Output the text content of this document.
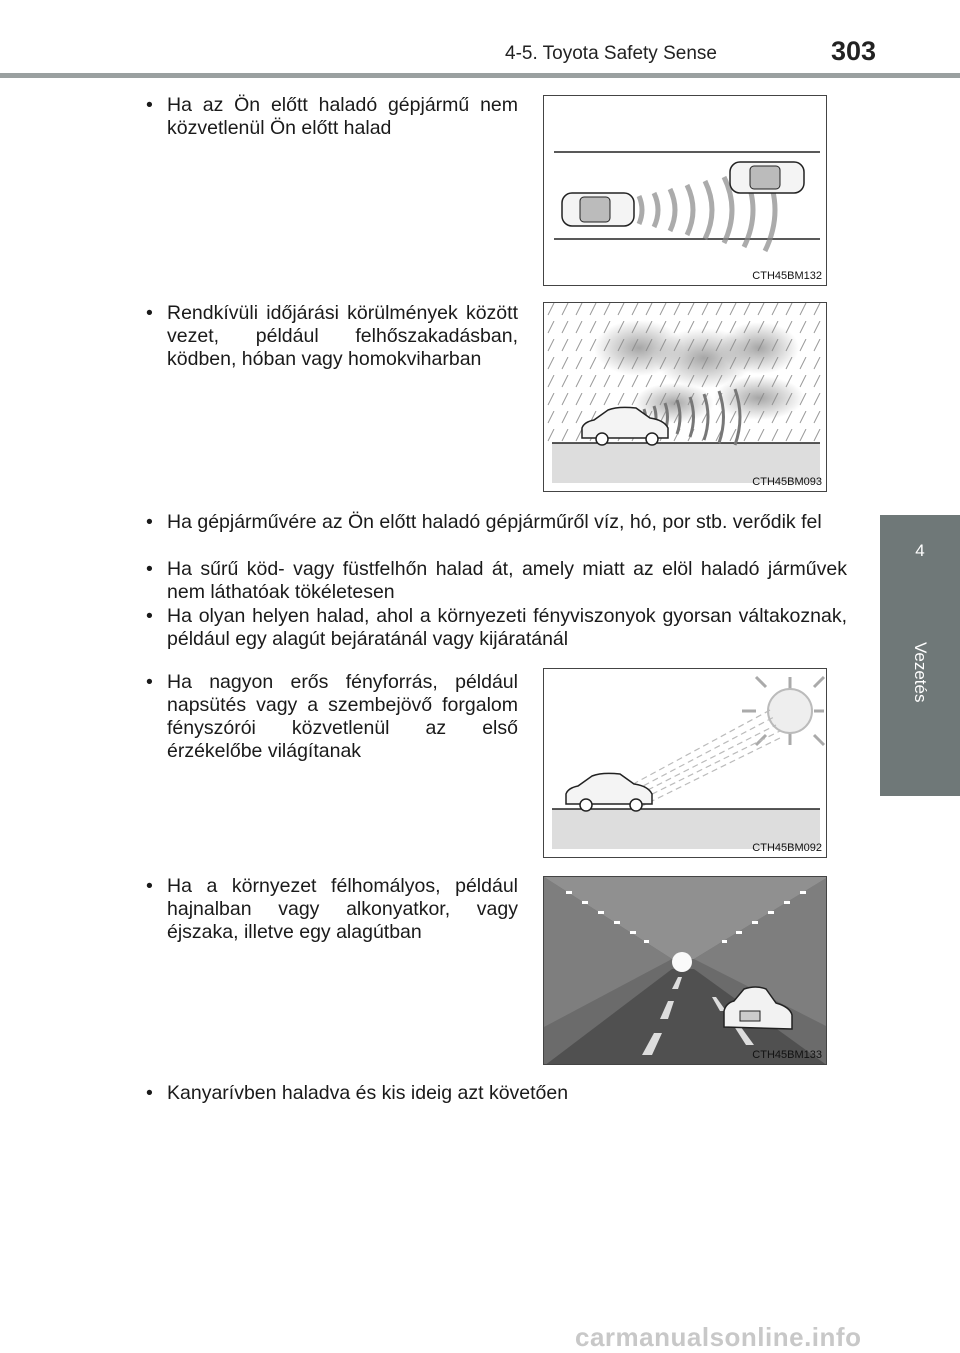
4-5. Toyota Safety Sense	303
4
Vezetés
• Ha az Ön előtt haladó gépjármű nem közvetlenül Ön előtt halad
• Rendkívüli időjárási körülmények között vezet, például felhőszakadásban, ködben, hóban vagy homokviharban
• Ha gépjárművére az Ön előtt haladó gépjárműről víz, hó, por stb. verődik fel
• Ha sűrű köd- vagy füstfelhőn halad át, amely miatt az elöl haladó járművek nem láthatóak tökéletesen
• Ha olyan helyen halad, ahol a környezeti fényviszonyok gyorsan váltakoznak, például egy alagút bejáratánál vagy kijáratánál
• Ha nagyon erős fényforrás, például napsütés vagy a szembejövő forgalom fényszórói közvetlenül az első érzékelőbe világítanak
• Ha a környezet félhomályos, például hajnalban vagy alkonyatkor, vagy éjszaka, illetve egy alagútban
• Kanyarívben haladva és kis ideig azt követően
CTH45BM132
CTH45BM093
CTH45BM092
CTH45BM133
carmanualsonline.info
